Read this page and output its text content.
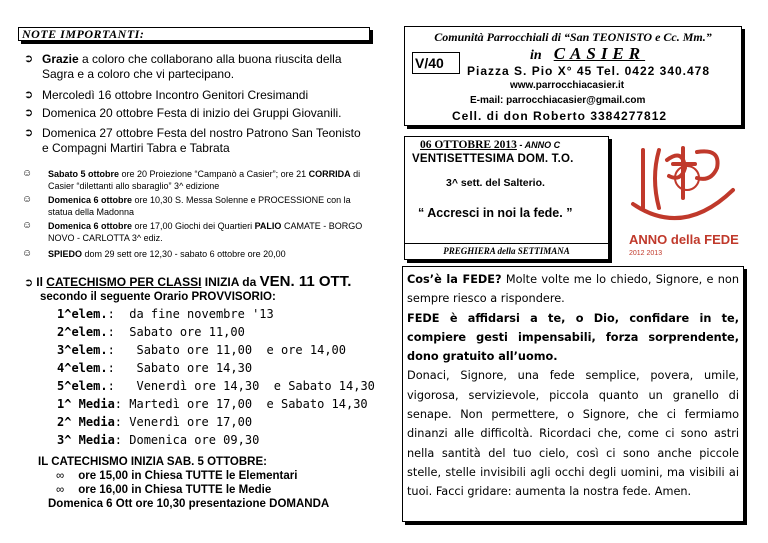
NOTE IMPORTANTI:
➲ Grazie a coloro che collaborano alla buona riuscita della Sagra e a coloro che vi partecipano.
➲ Mercoledì 16 ottobre Incontro Genitori Cresimandi
➲ Domenica 20 ottobre Festa di inizio dei Gruppi Giovanili.
➲ Domenica 27 ottobre Festa del nostro Patrono San Teonisto e Compagni Martiri Tabra e Tabrata
☺	Sabato 5 ottobre ore 20 Proiezione “Campanò a Casier”; ore 21 CORRIDA di Casier “dilettanti allo sbaraglio” 3^ edizione
☺	Domenica 6 ottobre ore 10,30 S. Messa Solenne e PROCESSIONE con la statua della Madonna
☺	Domenica 6 ottobre ore 17,00 Giochi dei Quartieri PALIO CAMATE - BORGO NOVO - CARLOTTA 3^ ediz.
☺	SPIEDO dom 29 sett ore 12,30 - sabato 6 ottobre ore 20,00
➲ Il CATECHISMO PER CLASSI INIZIA da VEN. 11 OTT.
secondo il seguente Orario PROVVISORIO:
1^elem.:  da fine novembre '13
2^elem.:  Sabato ore 11,00
3^elem.:   Sabato ore 11,00  e ore 14,00
4^elem.:   Sabato ore 14,30
5^elem.:   Venerdì ore 14,30  e Sabato 14,30
1^ Media: Martedì ore 17,00  e Sabato 14,30
2^ Media: Venerdì ore 17,00
3^ Media: Domenica ore 09,30
IL CATECHISMO INIZIA SAB. 5 OTTOBRE:
∞ ore 15,00 in Chiesa TUTTE le Elementari
∞ ore 16,00 in Chiesa TUTTE le Medie
Domenica 6 Ott ore 10,30 presentazione DOMANDA
Comunità Parrocchiali di “San TEONISTO e Cc. Mm.”
in CASIER
V/40	Piazza S. Pio X° 45 Tel. 0422 340.478
www.parrocchiacasier.it
E-mail: parrocchiacasier@gmail.com
Cell. di don Roberto 3384277812
06 OTTOBRE 2013 - ANNO C
VENTISETTESIMA DOM. T.O.
3^ sett. del Salterio.
“ Accresci in noi la fede. ”
PREGHIERA della SETTIMANA
ANNO della FEDE
2012 2013

Cos’è la FEDE? Molte volte me lo chiedo, Signore, e non sempre riesco a rispondere.

FEDE è affidarsi a te, o Dio, confidare in te, compiere gesti impensabili, forza sorprendente, dono gratuito all’uomo.

Donaci, Signore, una fede semplice, povera, umile, vigorosa, servizievole, piccola quanto un granello di senape. Non permettere, o Signore, che ci fermiamo dinanzi alle difficoltà. Ricordaci che, come ci sono astri nella santità del tuo cielo, così ci sono anche piccole stelle, stelle invisibili agli occhi degli uomini, ma visibili ai tuoi. Facci gridare: aumenta la nostra fede. Amen.
